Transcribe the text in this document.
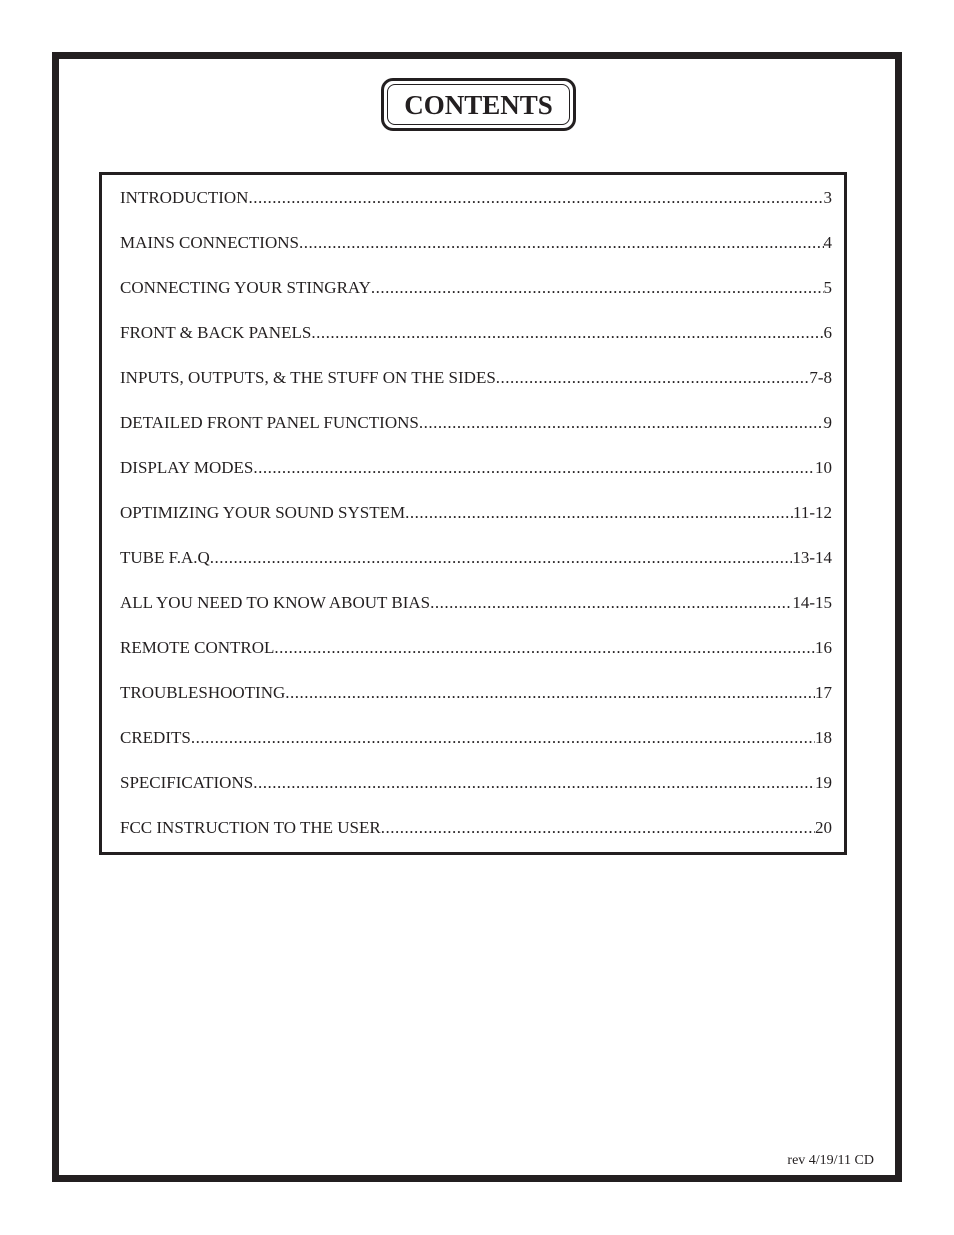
CONTENTS
INTRODUCTION .....	3
MAINS CONNECTIONS .....	4
CONNECTING YOUR STINGRAY .....	5
FRONT & BACK PANELS .....	6
INPUTS, OUTPUTS, & THE STUFF ON THE SIDES .....	7-8
DETAILED FRONT PANEL FUNCTIONS .....	9
DISPLAY MODES .....	10
OPTIMIZING YOUR SOUND SYSTEM .....	11-12
TUBE F.A.Q .....	13-14
ALL YOU NEED TO KNOW ABOUT BIAS .....	14-15
REMOTE CONTROL .....	16
TROUBLESHOOTING .....	17
CREDITS .....	18
SPECIFICATIONS .....	19
FCC INSTRUCTION TO THE USER .....	20
rev 4/19/11 CD
